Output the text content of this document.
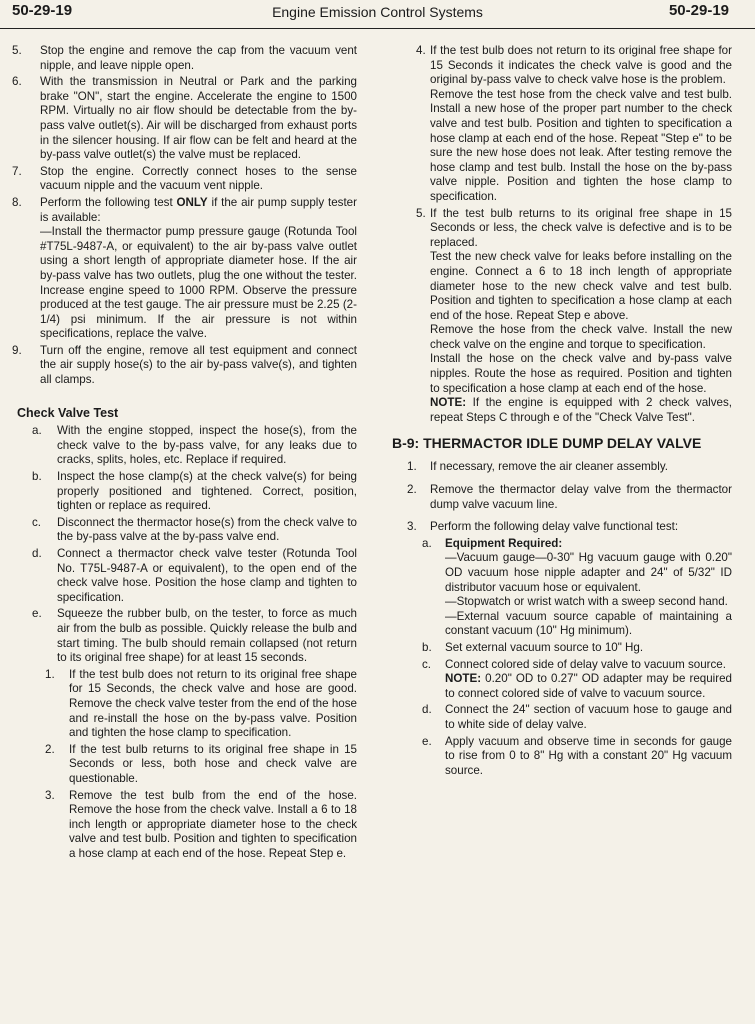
50-29-19	Engine Emission Control Systems	50-29-19
5. Stop the engine and remove the cap from the vacuum vent nipple, and leave nipple open.
6. With the transmission in Neutral or Park and the parking brake "ON", start the engine. Accelerate the engine to 1500 RPM. Virtually no air flow should be detectable from the by-pass valve outlet(s). Air will be discharged from exhaust ports in the silencer housing. If air flow can be felt and heard at the by-pass valve outlet(s) the valve must be replaced.
7. Stop the engine. Correctly connect hoses to the sense vacuum nipple and the vacuum vent nipple.
8. Perform the following test ONLY if the air pump supply tester is available:
—Install the thermactor pump pressure gauge (Rotunda Tool #T75L-9487-A, or equivalent) to the air by-pass valve outlet using a short length of appropriate diameter hose. If the air by-pass valve has two outlets, plug the one without the tester. Increase engine speed to 1000 RPM. Observe the pressure produced at the test gauge. The air pressure must be 2.25 (2-1/4) psi minimum. If the air pressure is not within specifications, replace the valve.
9. Turn off the engine, remove all test equipment and connect the air supply hose(s) to the air by-pass valve(s), and tighten all clamps.
Check Valve Test
a. With the engine stopped, inspect the hose(s), from the check valve to the by-pass valve, for any leaks due to cracks, splits, holes, etc. Replace if required.
b. Inspect the hose clamp(s) at the check valve(s) for being properly positioned and tightened. Correct, position, tighten or replace as required.
c. Disconnect the thermactor hose(s) from the check valve to the by-pass valve at the by-pass valve end.
d. Connect a thermactor check valve tester (Rotunda Tool No. T75L-9487-A or equivalent), to the open end of the check valve hose. Position the hose clamp and tighten to specification.
e. Squeeze the rubber bulb, on the tester, to force as much air from the bulb as possible. Quickly release the bulb and start timing. The bulb should remain collapsed (not return to its original free shape) for at least 15 seconds.
1. If the test bulb does not return to its original free shape for 15 Seconds, the check valve and hose are good. Remove the check valve tester from the end of the hose and re-install the hose on the by-pass valve. Position and tighten the hose clamp to specification.
2. If the test bulb returns to its original free shape in 15 Seconds or less, both hose and check valve are questionable.
3. Remove the test bulb from the end of the hose. Remove the hose from the check valve. Install a 6 to 18 inch length or appropriate diameter hose to the check valve and test bulb. Position and tighten to specification a hose clamp at each end of the hose. Repeat Step e.
4. If the test bulb does not return to its original free shape for 15 Seconds it indicates the check valve is good and the original by-pass valve to check valve hose is the problem.
Remove the test hose from the check valve and test bulb. Install a new hose of the proper part number to the check valve and test bulb. Position and tighten to specification a hose clamp at each end of the hose. Repeat "Step e" to be sure the new hose does not leak. After testing remove the hose clamp and test bulb. Install the hose on the by-pass valve nipple. Position and tighten the hose clamp to specification.
5. If the test bulb returns to its original free shape in 15 Seconds or less, the check valve is defective and is to be replaced.
Test the new check valve for leaks before installing on the engine. Connect a 6 to 18 inch length of appropriate diameter hose to the new check valve and test bulb. Position and tighten to specification a hose clamp at each end of the hose. Repeat Step e above.
Remove the hose from the check valve. Install the new check valve on the engine and torque to specification.
Install the hose on the check valve and by-pass valve nipples. Route the hose as required. Position and tighten to specification a hose clamp at each end of the hose.
NOTE: If the engine is equipped with 2 check valves, repeat Steps C through e of the "Check Valve Test".
B-9: THERMACTOR IDLE DUMP DELAY VALVE
1. If necessary, remove the air cleaner assembly.
2. Remove the thermactor delay valve from the thermactor dump valve vacuum line.
3. Perform the following delay valve functional test:
a. Equipment Required:
—Vacuum gauge—0-30" Hg vacuum gauge with 0.20" OD vacuum hose nipple adapter and 24" of 5/32" ID distributor vacuum hose or equivalent.
—Stopwatch or wrist watch with a sweep second hand.
—External vacuum source capable of maintaining a constant vacuum (10" Hg minimum).
b. Set external vacuum source to 10" Hg.
c. Connect colored side of delay valve to vacuum source.
NOTE: 0.20" OD to 0.27" OD adapter may be required to connect colored side of valve to vacuum source.
d. Connect the 24" section of vacuum hose to gauge and to white side of delay valve.
e. Apply vacuum and observe time in seconds for gauge to rise from 0 to 8" Hg with a constant 20" Hg vacuum source.
